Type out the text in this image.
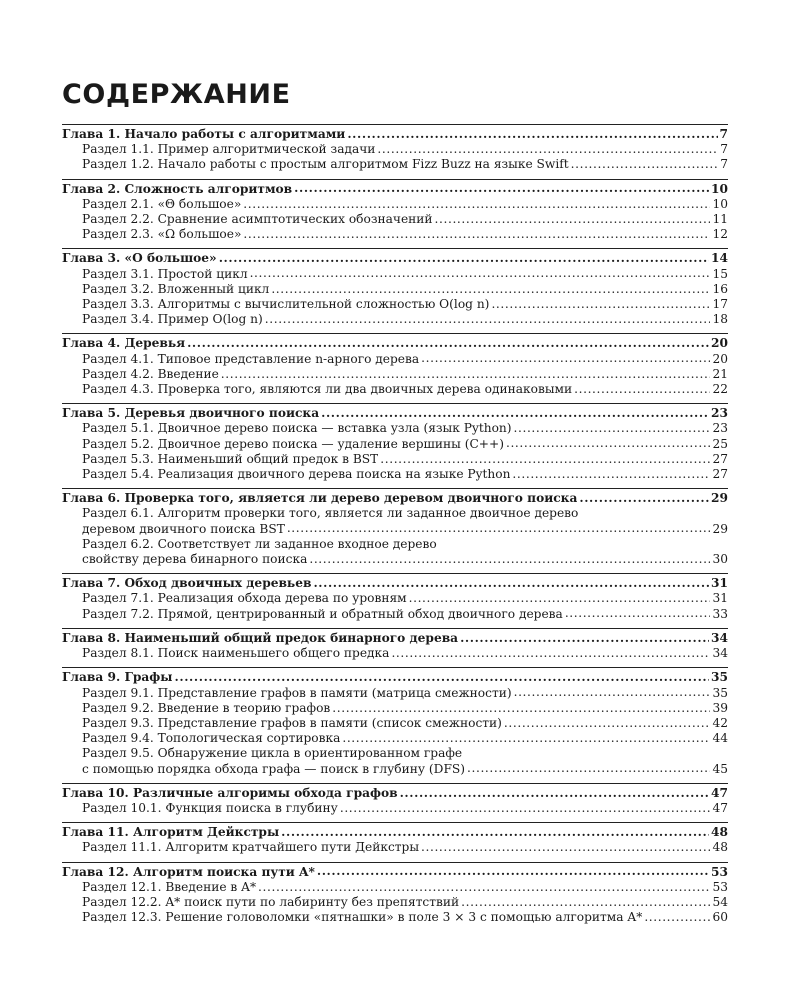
СОДЕРЖАНИЕ
Глава 1. Начало работы с алгоритмами .....	7
Раздел 1.1. Пример алгоритмической задачи .....	7
Раздел 1.2. Начало работы с простым алгоритмом Fizz Buzz на языке Swift .....	7
Глава 2. Сложность алгоритмов .....	10
Раздел 2.1. «Θ большое» .....	10
Раздел 2.2. Сравнение асимптотических обозначений .....	11
Раздел 2.3. «Ω большое» .....	12
Глава 3. «О большое» .....	14
Раздел 3.1. Простой цикл .....	15
Раздел 3.2. Вложенный цикл .....	16
Раздел 3.3. Алгоритмы с вычислительной сложностью O(log n) .....	17
Раздел 3.4. Пример O(log n) .....	18
Глава 4. Деревья .....	20
Раздел 4.1. Типовое представление n-арного дерева .....	20
Раздел 4.2. Введение .....	21
Раздел 4.3. Проверка того, являются ли два двоичных дерева одинаковыми .....	22
Глава 5. Деревья двоичного поиска .....	23
Раздел 5.1. Двоичное дерево поиска — вставка узла (язык Python) .....	23
Раздел 5.2. Двоичное дерево поиска — удаление вершины (C++) .....	25
Раздел 5.3. Наименьший общий предок в BST .....	27
Раздел 5.4. Реализация двоичного дерева поиска на языке Python .....	27
Глава 6. Проверка того, является ли дерево деревом двоичного поиска .....	29
Раздел 6.1. Алгоритм проверки того, является ли заданное двоичное дерево
деревом двоичного поиска BST .....	29
Раздел 6.2. Соответствует ли заданное входное дерево
свойству дерева бинарного поиска .....	30
Глава 7. Обход двоичных деревьев .....	31
Раздел 7.1. Реализация обхода дерева по уровням .....	31
Раздел 7.2. Прямой, центрированный и обратный обход двоичного дерева .....	33
Глава 8. Наименьший общий предок бинарного дерева .....	34
Раздел 8.1. Поиск наименьшего общего предка .....	34
Глава 9. Графы .....	35
Раздел 9.1. Представление графов в памяти (матрица смежности) .....	35
Раздел 9.2. Введение в теорию графов .....	39
Раздел 9.3. Представление графов в памяти (список смежности) .....	42
Раздел 9.4. Топологическая сортировка .....	44
Раздел 9.5. Обнаружение цикла в ориентированном графе
с помощью порядка обхода графа — поиск в глубину (DFS) .....	45
Глава 10. Различные алгоримы обхода графов .....	47
Раздел 10.1. Функция поиска в глубину .....	47
Глава 11. Алгоритм Дейкстры .....	48
Раздел 11.1. Алгоритм кратчайшего пути Дейкстры .....	48
Глава 12. Алгоритм поиска пути A* .....	53
Раздел 12.1. Введение в A* .....	53
Раздел 12.2. A* поиск пути по лабиринту без препятствий .....	54
Раздел 12.3. Решение головоломки «пятнашки» в поле 3 × 3 с помощью алгоритма A* .....	60
